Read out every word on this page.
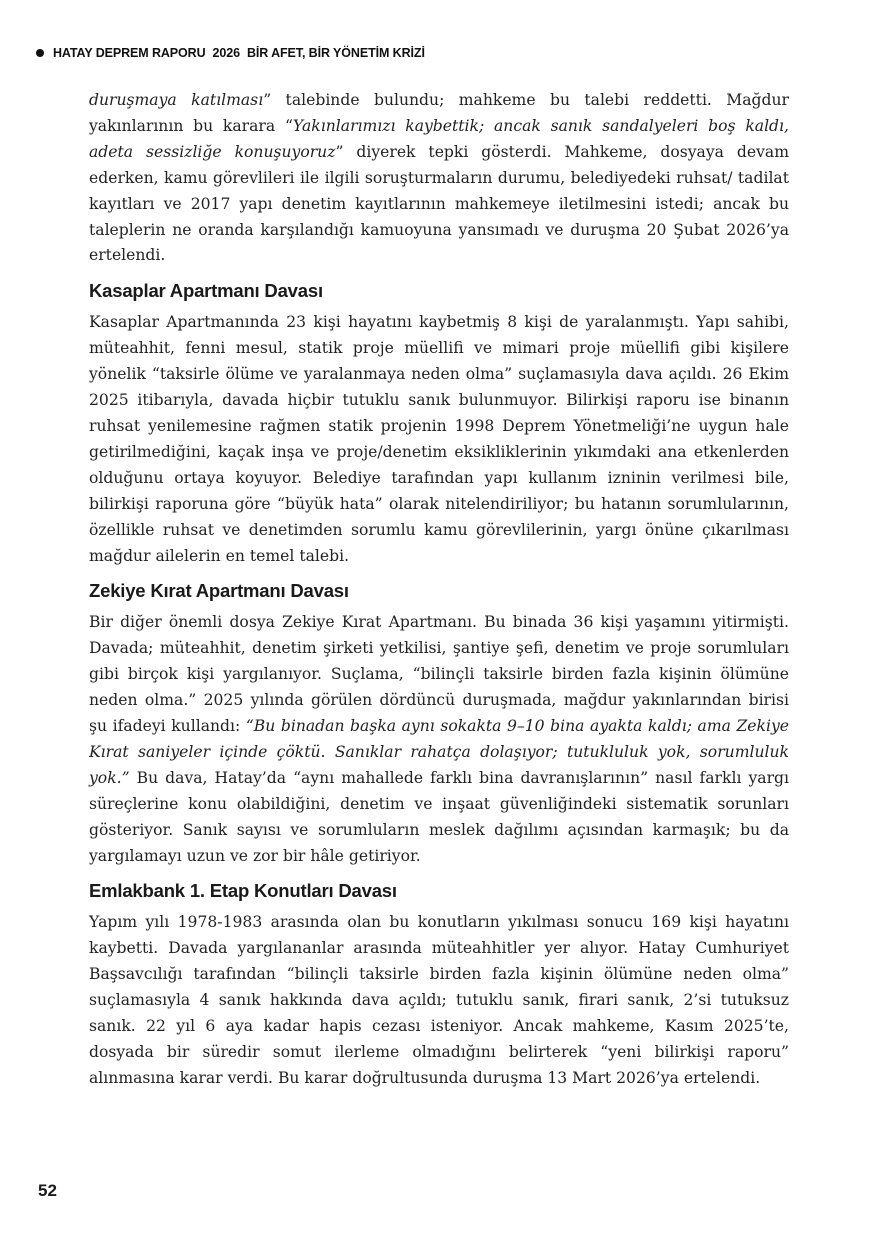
HATAY DEPREM RAPORU 2026 BİR AFET, BİR YÖNETİM KRİZİ

duruşmaya katılması” talebinde bulundu; mahkeme bu talebi reddetti. Mağdur yakınlarının bu karara “Yakınlarımızı kaybettik; ancak sanık sandalyeleri boş kaldı, adeta sessizliğe konuşuyoruz” diyerek tepki gösterdi. Mahkeme, dosyaya devam ederken, kamu görevlileri ile ilgili soruşturmaların durumu, belediyedeki ruhsat/ tadilat kayıtları ve 2017 yapı denetim kayıtlarının mahkemeye iletilmesini istedi; ancak bu taleplerin ne oranda karşılandığı kamuoyuna yansımadı ve duruşma 20 Şubat 2026’ya ertelendi.

Kasaplar Apartmanı Davası

Kasaplar Apartmanında 23 kişi hayatını kaybetmiş 8 kişi de yaralanmıştı. Yapı sahibi, müteahhit, fenni mesul, statik proje müellifi ve mimari proje müellifi gibi kişilere yönelik “taksirle ölüme ve yaralanmaya neden olma” suçlamasıyla dava açıldı. 26 Ekim 2025 itibarıyla, davada hiçbir tutuklu sanık bulunmuyor. Bilirkişi raporu ise binanın ruhsat yenilemesine rağmen statik projenin 1998 Deprem Yönetmeliği’ne uygun hale getirilmediğini, kaçak inşa ve proje/denetim eksikliklerinin yıkımdaki ana etkenlerden olduğunu ortaya koyuyor. Belediye tarafından yapı kullanım izninin verilmesi bile, bilirkişi raporuna göre “büyük hata” olarak nitelendiriliyor; bu hatanın sorumlularının, özellikle ruhsat ve denetimden sorumlu kamu görevlilerinin, yargı önüne çıkarılması mağdur ailelerin en temel talebi.

Zekiye Kırat Apartmanı Davası

Bir diğer önemli dosya Zekiye Kırat Apartmanı. Bu binada 36 kişi yaşamını yitirmişti. Davada; müteahhit, denetim şirketi yetkilisi, şantiye şefi, denetim ve proje sorumluları gibi birçok kişi yargılanıyor. Suçlama, “bilinçli taksirle birden fazla kişinin ölümüne neden olma.” 2025 yılında görülen dördüncü duruşmada, mağdur yakınlarından birisi şu ifadeyi kullandı: “Bu binadan başka aynı sokakta 9–10 bina ayakta kaldı; ama Zekiye Kırat saniyeler içinde çöktü. Sanıklar rahatça dolaşıyor; tutukluluk yok, sorumluluk yok.” Bu dava, Hatay’da “aynı mahallede farklı bina davranışlarının” nasıl farklı yargı süreçlerine konu olabildiğini, denetim ve inşaat güvenliğindeki sistematik sorunları gösteriyor. Sanık sayısı ve sorumluların meslek dağılımı açısından karmaşık; bu da yargılamayı uzun ve zor bir hâle getiriyor.

Emlakbank 1. Etap Konutları Davası

Yapım yılı 1978-1983 arasında olan bu konutların yıkılması sonucu 169 kişi hayatını kaybetti. Davada yargılananlar arasında müteahhitler yer alıyor. Hatay Cumhuriyet Başsavcılığı tarafından “bilinçli taksirle birden fazla kişinin ölümüne neden olma” suçlamasıyla 4 sanık hakkında dava açıldı; tutuklu sanık, firari sanık, 2’si tutuksuz sanık. 22 yıl 6 aya kadar hapis cezası isteniyor. Ancak mahkeme, Kasım 2025’te, dosyada bir süredir somut ilerleme olmadığını belirterek “yeni bilirkişi raporu” alınmasına karar verdi. Bu karar doğrultusunda duruşma 13 Mart 2026’ya ertelendi.

52
